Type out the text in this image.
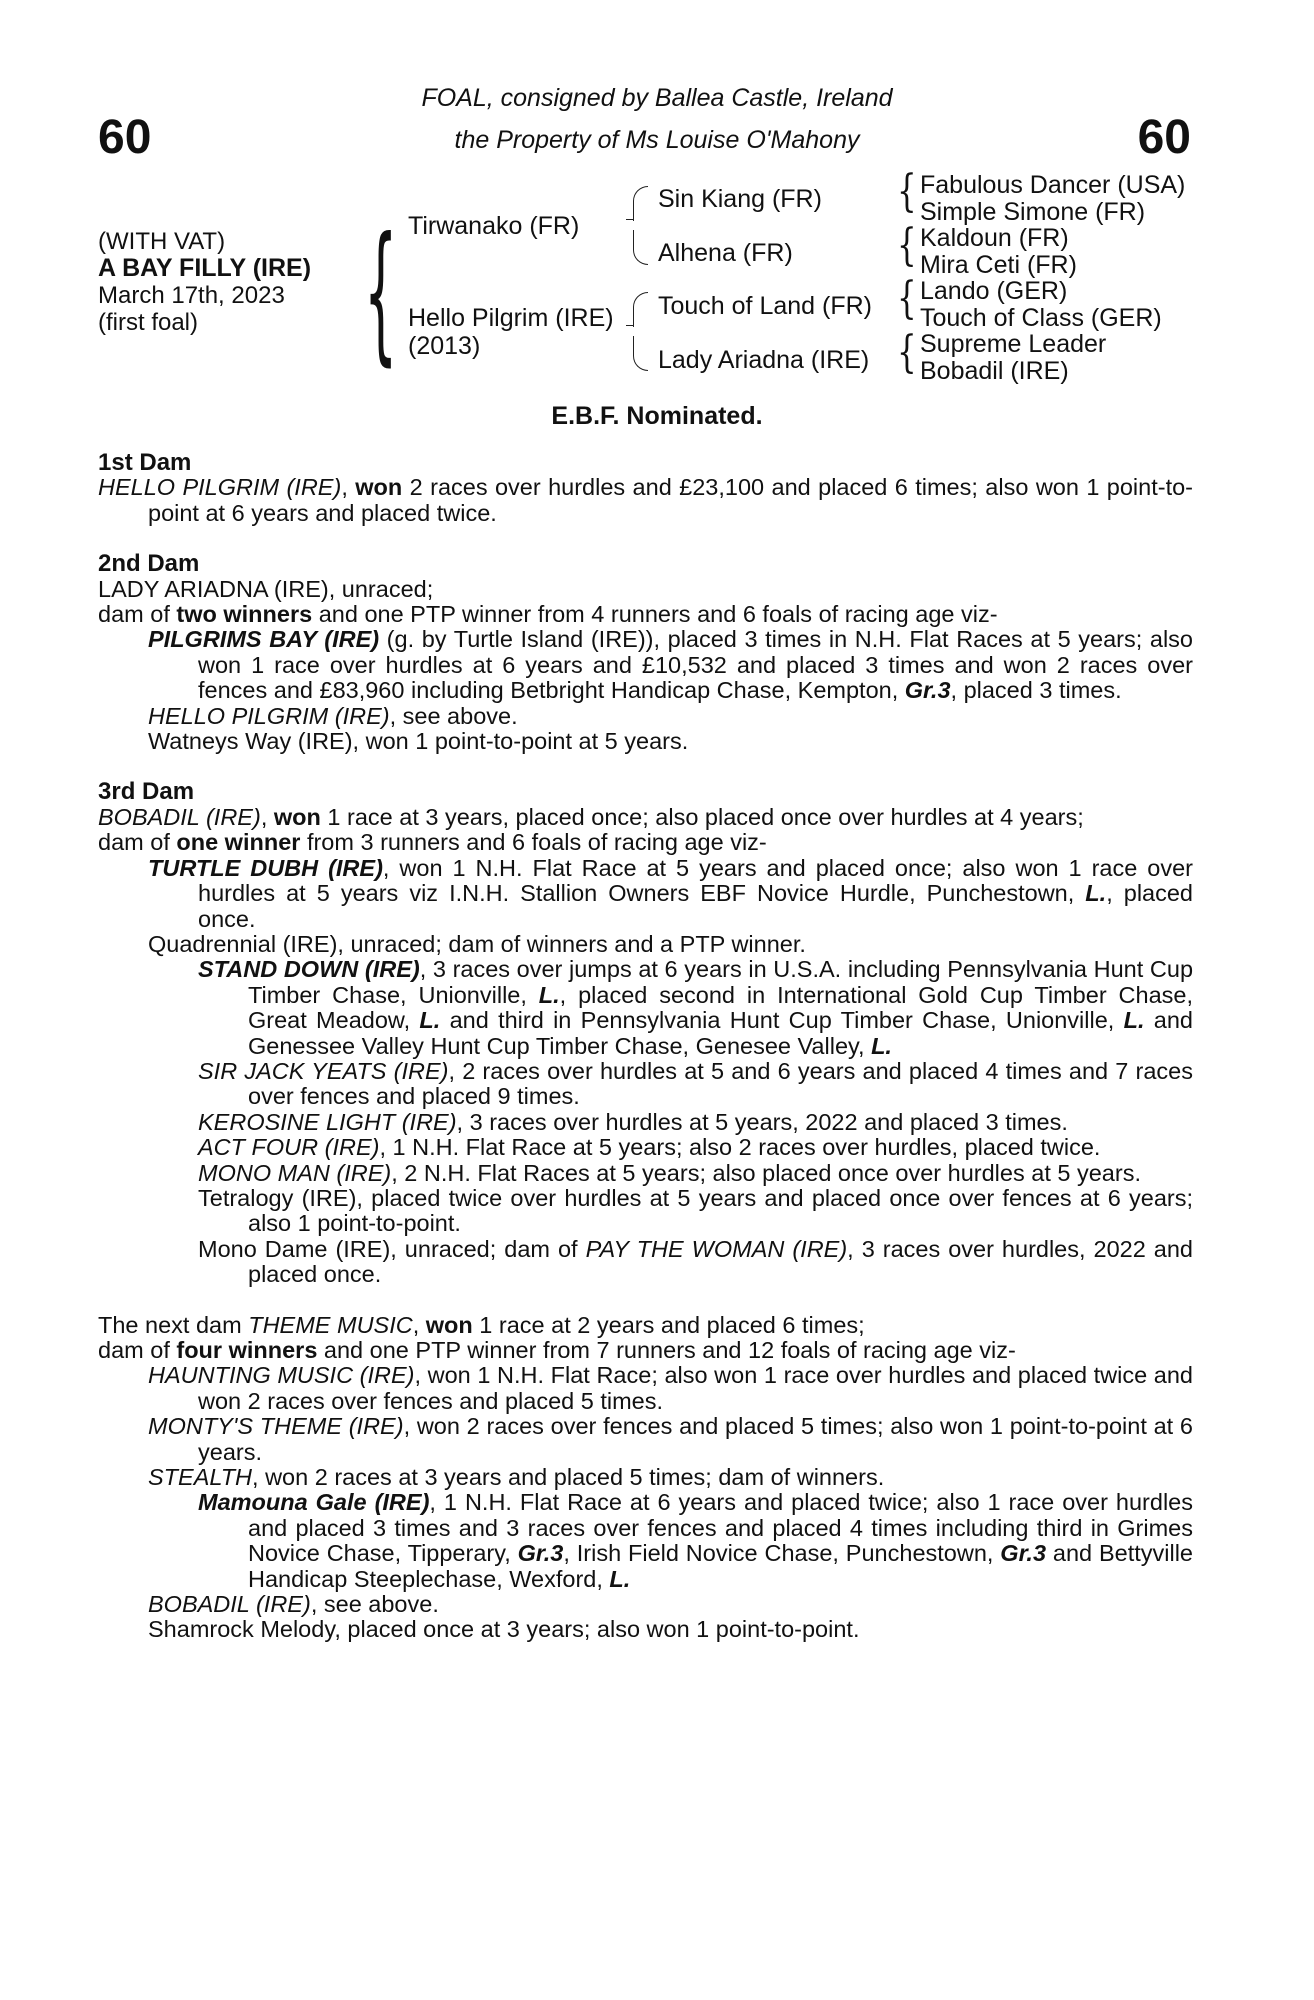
60	60
FOAL, consigned by Ballea Castle, Ireland
the Property of Ms Louise O'Mahony
(WITH VAT)
A BAY FILLY (IRE)
March 17th, 2023
(first foal)	{ Tirwanako (FR)
Hello Pilgrim (IRE)
(2013)
Sin Kiang (FR)
Alhena (FR)
Touch of Land (FR)
Lady Ariadna (IRE)
{
{
{
{
Fabulous Dancer (USA)
Simple Simone (FR)
Kaldoun (FR)
Mira Ceti (FR)
Lando (GER)
Touch of Class (GER)
Supreme Leader
Bobadil (IRE)
E.B.F. Nominated.
1st Dam
HELLO PILGRIM (IRE), won 2 races over hurdles and £23,100 and placed 6 times; also won 1 point-to-point at 6 years and placed twice.
2nd Dam
LADY ARIADNA (IRE), unraced;
dam of two winners and one PTP winner from 4 runners and 6 foals of racing age viz-
PILGRIMS BAY (IRE) (g. by Turtle Island (IRE)), placed 3 times in N.H. Flat Races at 5 years; also won 1 race over hurdles at 6 years and £10,532 and placed 3 times and won 2 races over fences and £83,960 including Betbright Handicap Chase, Kempton, Gr.3, placed 3 times.
HELLO PILGRIM (IRE), see above.
Watneys Way (IRE), won 1 point-to-point at 5 years.
3rd Dam
BOBADIL (IRE), won 1 race at 3 years, placed once; also placed once over hurdles at 4 years;
dam of one winner from 3 runners and 6 foals of racing age viz-
TURTLE DUBH (IRE), won 1 N.H. Flat Race at 5 years and placed once; also won 1 race over hurdles at 5 years viz I.N.H. Stallion Owners EBF Novice Hurdle, Punchestown, L., placed once.
Quadrennial (IRE), unraced; dam of winners and a PTP winner.
STAND DOWN (IRE), 3 races over jumps at 6 years in U.S.A. including Pennsylvania Hunt Cup Timber Chase, Unionville, L., placed second in International Gold Cup Timber Chase, Great Meadow, L. and third in Pennsylvania Hunt Cup Timber Chase, Unionville, L. and Genessee Valley Hunt Cup Timber Chase, Genesee Valley, L.
SIR JACK YEATS (IRE), 2 races over hurdles at 5 and 6 years and placed 4 times and 7 races over fences and placed 9 times.
KEROSINE LIGHT (IRE), 3 races over hurdles at 5 years, 2022 and placed 3 times.
ACT FOUR (IRE), 1 N.H. Flat Race at 5 years; also 2 races over hurdles, placed twice.
MONO MAN (IRE), 2 N.H. Flat Races at 5 years; also placed once over hurdles at 5 years.
Tetralogy (IRE), placed twice over hurdles at 5 years and placed once over fences at 6 years; also 1 point-to-point.
Mono Dame (IRE), unraced; dam of PAY THE WOMAN (IRE), 3 races over hurdles, 2022 and placed once.
The next dam THEME MUSIC, won 1 race at 2 years and placed 6 times;
dam of four winners and one PTP winner from 7 runners and 12 foals of racing age viz-
HAUNTING MUSIC (IRE), won 1 N.H. Flat Race; also won 1 race over hurdles and placed twice and won 2 races over fences and placed 5 times.
MONTY'S THEME (IRE), won 2 races over fences and placed 5 times; also won 1 point-to-point at 6 years.
STEALTH, won 2 races at 3 years and placed 5 times; dam of winners.
Mamouna Gale (IRE), 1 N.H. Flat Race at 6 years and placed twice; also 1 race over hurdles and placed 3 times and 3 races over fences and placed 4 times including third in Grimes Novice Chase, Tipperary, Gr.3, Irish Field Novice Chase, Punchestown, Gr.3 and Bettyville Handicap Steeplechase, Wexford, L.
BOBADIL (IRE), see above.
Shamrock Melody, placed once at 3 years; also won 1 point-to-point.
